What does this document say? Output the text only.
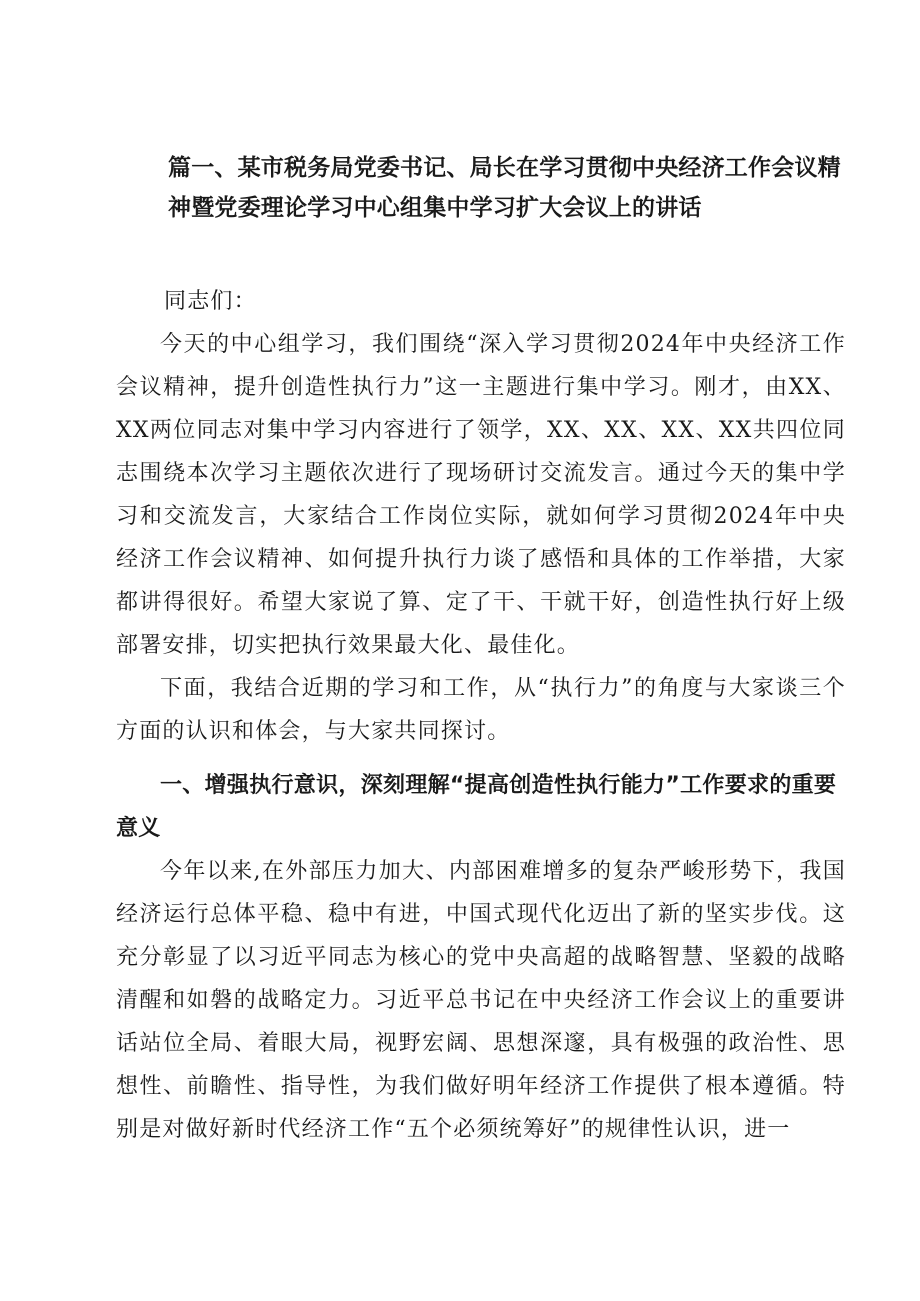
篇一、某市税务局党委书记、局长在学习贯彻中央经济工作会议精
神暨党委理论学习中心组集中学习扩大会议上的讲话

同志们：

今天的中心组学习，我们围绕“深入学习贯彻2024年中央经济工作会议精神，提升创造性执行力”这一主题进行集中学习。刚才，由XX、XX两位同志对集中学习内容进行了领学，XX、XX、XX、XX共四位同志围绕本次学习主题依次进行了现场研讨交流发言。通过今天的集中学习和交流发言，大家结合工作岗位实际，就如何学习贯彻2024年中央经济工作会议精神、如何提升执行力谈了感悟和具体的工作举措，大家都讲得很好。希望大家说了算、定了干、干就干好，创造性执行好上级部署安排，切实把执行效果最大化、最佳化。

下面，我结合近期的学习和工作，从“执行力”的角度与大家谈三个方面的认识和体会，与大家共同探讨。

一、增强执行意识，深刻理解“提高创造性执行能力”工作要求的重要意义

今年以来,在外部压力加大、内部困难增多的复杂严峻形势下，我国经济运行总体平稳、稳中有进，中国式现代化迈出了新的坚实步伐。这充分彰显了以习近平同志为核心的党中央高超的战略智慧、坚毅的战略清醒和如磐的战略定力。习近平总书记在中央经济工作会议上的重要讲话站位全局、着眼大局，视野宏阔、思想深邃，具有极强的政治性、思想性、前瞻性、指导性，为我们做好明年经济工作提供了根本遵循。特别是对做好新时代经济工作“五个必须统筹好”的规律性认识，进一
